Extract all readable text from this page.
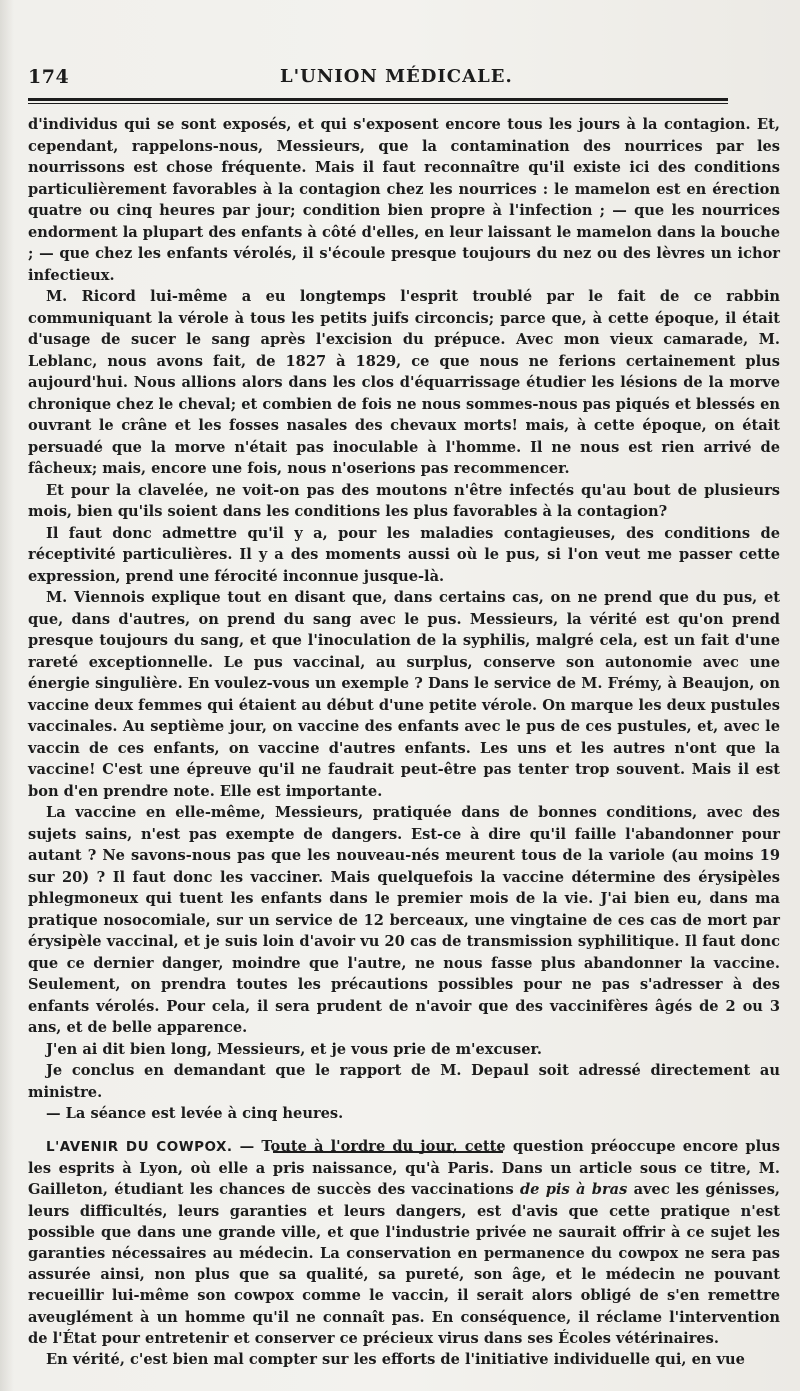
174	L'UNION MÉDICALE.

d'individus qui se sont exposés, et qui s'exposent encore tous les jours à la contagion. Et, cependant, rappelons-nous, Messieurs, que la contamination des nourrices par les nourrissons est chose fréquente. Mais il faut reconnaître qu'il existe ici des conditions particulièrement favorables à la contagion chez les nourrices : le mamelon est en érection quatre ou cinq heures par jour; condition bien propre à l'infection ; — que les nourrices endorment la plupart des enfants à côté d'elles, en leur laissant le mamelon dans la bouche ; — que chez les enfants vérolés, il s'écoule presque toujours du nez ou des lèvres un ichor infectieux.

M. Ricord lui-même a eu longtemps l'esprit troublé par le fait de ce rabbin communiquant la vérole à tous les petits juifs circoncis; parce que, à cette époque, il était d'usage de sucer le sang après l'excision du prépuce. Avec mon vieux camarade, M. Leblanc, nous avons fait, de 1827 à 1829, ce que nous ne ferions certainement plus aujourd'hui. Nous allions alors dans les clos d'équarrissage étudier les lésions de la morve chronique chez le cheval; et combien de fois ne nous sommes-nous pas piqués et blessés en ouvrant le crâne et les fosses nasales des chevaux morts! mais, à cette époque, on était persuadé que la morve n'était pas inoculable à l'homme. Il ne nous est rien arrivé de fâcheux; mais, encore une fois, nous n'oserions pas recommencer.

Et pour la clavelée, ne voit-on pas des moutons n'être infectés qu'au bout de plusieurs mois, bien qu'ils soient dans les conditions les plus favorables à la contagion?

Il faut donc admettre qu'il y a, pour les maladies contagieuses, des conditions de réceptivité particulières. Il y a des moments aussi où le pus, si l'on veut me passer cette expression, prend une férocité inconnue jusque-là.

M. Viennois explique tout en disant que, dans certains cas, on ne prend que du pus, et que, dans d'autres, on prend du sang avec le pus. Messieurs, la vérité est qu'on prend presque toujours du sang, et que l'inoculation de la syphilis, malgré cela, est un fait d'une rareté exceptionnelle. Le pus vaccinal, au surplus, conserve son autonomie avec une énergie singulière. En voulez-vous un exemple ? Dans le service de M. Frémy, à Beaujon, on vaccine deux femmes qui étaient au début d'une petite vérole. On marque les deux pustules vaccinales. Au septième jour, on vaccine des enfants avec le pus de ces pustules, et, avec le vaccin de ces enfants, on vaccine d'autres enfants. Les uns et les autres n'ont que la vaccine! C'est une épreuve qu'il ne faudrait peut-être pas tenter trop souvent. Mais il est bon d'en prendre note. Elle est importante.

La vaccine en elle-même, Messieurs, pratiquée dans de bonnes conditions, avec des sujets sains, n'est pas exempte de dangers. Est-ce à dire qu'il faille l'abandonner pour autant ? Ne savons-nous pas que les nouveau-nés meurent tous de la variole (au moins 19 sur 20) ? Il faut donc les vacciner. Mais quelquefois la vaccine détermine des érysipèles phlegmoneux qui tuent les enfants dans le premier mois de la vie. J'ai bien eu, dans ma pratique nosocomiale, sur un service de 12 berceaux, une vingtaine de ces cas de mort par érysipèle vaccinal, et je suis loin d'avoir vu 20 cas de transmission syphilitique. Il faut donc que ce dernier danger, moindre que l'autre, ne nous fasse plus abandonner la vaccine. Seulement, on prendra toutes les précautions possibles pour ne pas s'adresser à des enfants vérolés. Pour cela, il sera prudent de n'avoir que des vaccinifères âgés de 2 ou 3 ans, et de belle apparence.

J'en ai dit bien long, Messieurs, et je vous prie de m'excuser.

Je conclus en demandant que le rapport de M. Depaul soit adressé directement au ministre.

— La séance est levée à cinq heures.

L'AVENIR DU COWPOX. — Toute à l'ordre du jour, cette question préoccupe encore plus les esprits à Lyon, où elle a pris naissance, qu'à Paris. Dans un article sous ce titre, M. Gailleton, étudiant les chances de succès des vaccinations de pis à bras avec les génisses, leurs difficultés, leurs garanties et leurs dangers, est d'avis que cette pratique n'est possible que dans une grande ville, et que l'industrie privée ne saurait offrir à ce sujet les garanties nécessaires au médecin. La conservation en permanence du cowpox ne sera pas assurée ainsi, non plus que sa qualité, sa pureté, son âge, et le médecin ne pouvant recueillir lui-même son cowpox comme le vaccin, il serait alors obligé de s'en remettre aveuglément à un homme qu'il ne connaît pas. En conséquence, il réclame l'intervention de l'État pour entretenir et conserver ce précieux virus dans ses Écoles vétérinaires.

En vérité, c'est bien mal compter sur les efforts de l'initiative individuelle qui, en vue
